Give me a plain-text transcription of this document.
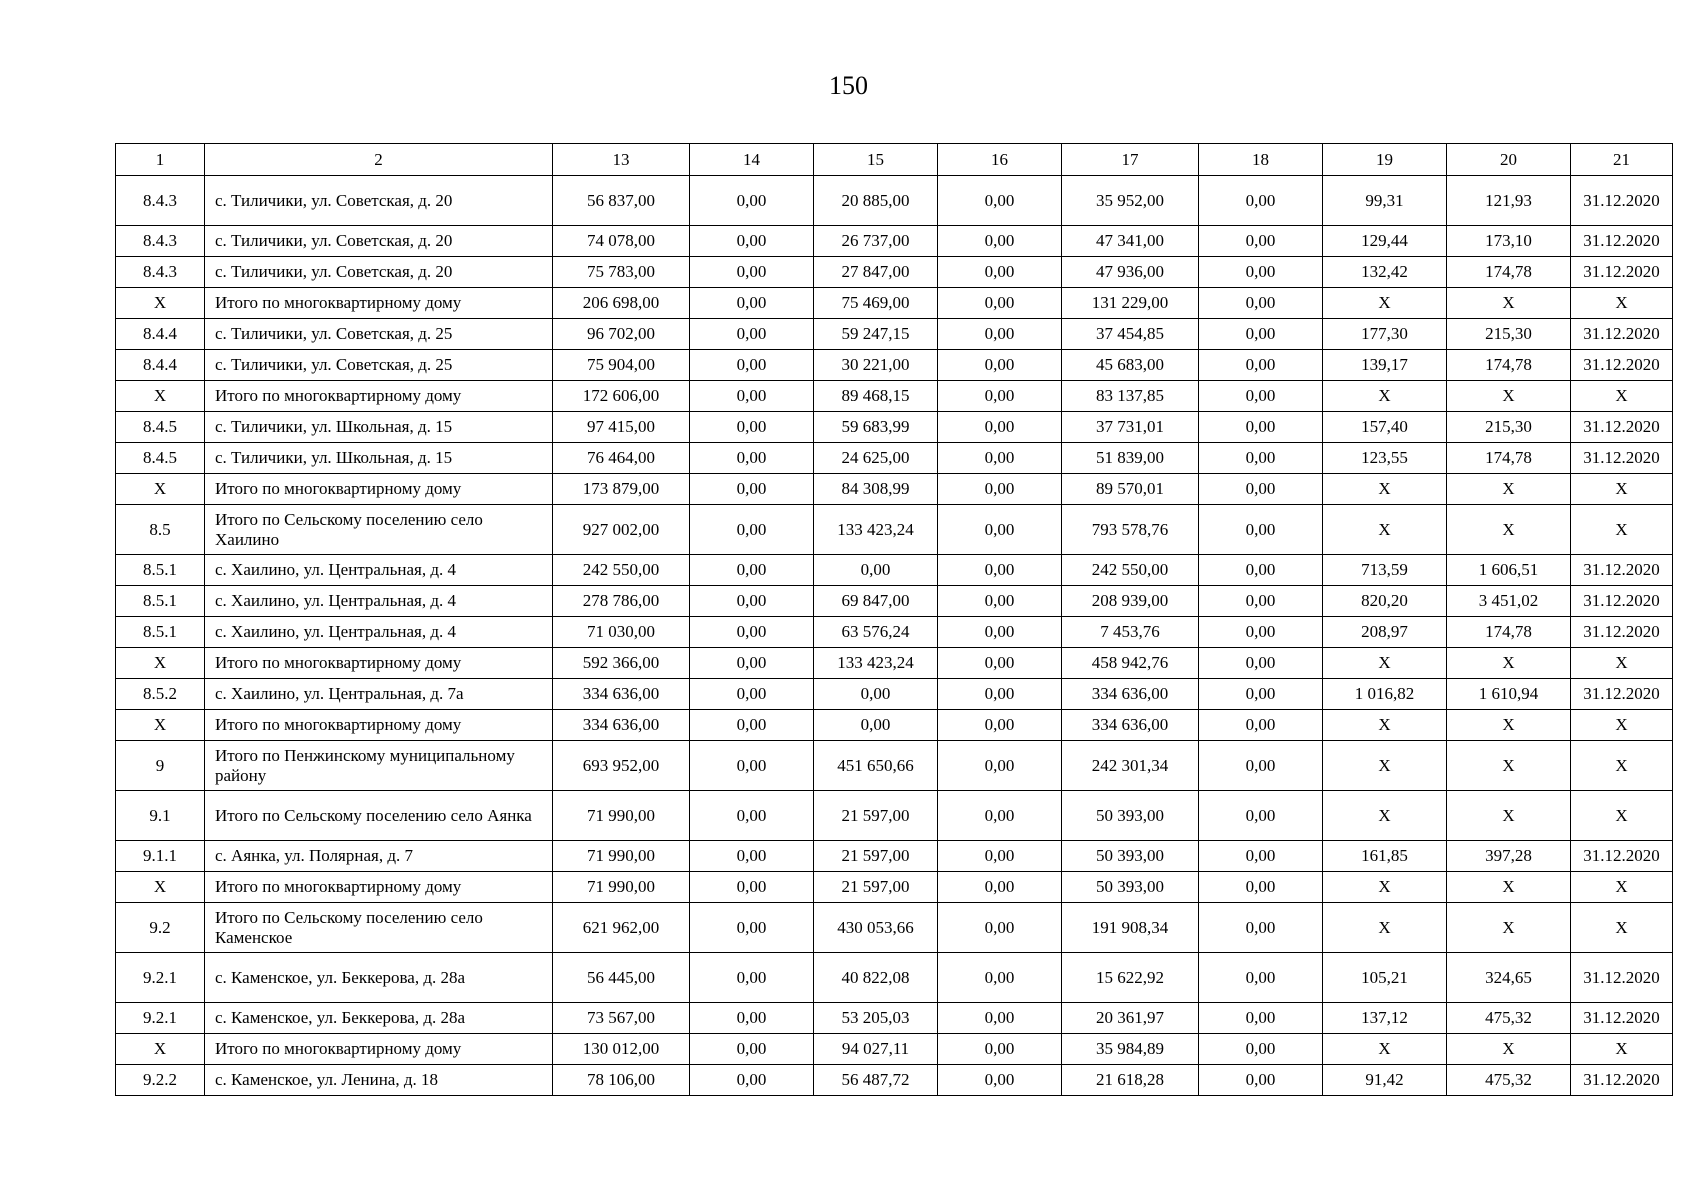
150
1	2	13	14	15	16	17	18	19	20	21
8.4.3	с. Тиличики, ул. Советская, д. 20	56 837,00	0,00	20 885,00	0,00	35 952,00	0,00	99,31	121,93	31.12.2020
8.4.3	с. Тиличики, ул. Советская, д. 20	74 078,00	0,00	26 737,00	0,00	47 341,00	0,00	129,44	173,10	31.12.2020
8.4.3	с. Тиличики, ул. Советская, д. 20	75 783,00	0,00	27 847,00	0,00	47 936,00	0,00	132,42	174,78	31.12.2020
X	Итого по многоквартирному дому	206 698,00	0,00	75 469,00	0,00	131 229,00	0,00	X	X	X
8.4.4	с. Тиличики, ул. Советская, д. 25	96 702,00	0,00	59 247,15	0,00	37 454,85	0,00	177,30	215,30	31.12.2020
8.4.4	с. Тиличики, ул. Советская, д. 25	75 904,00	0,00	30 221,00	0,00	45 683,00	0,00	139,17	174,78	31.12.2020
X	Итого по многоквартирному дому	172 606,00	0,00	89 468,15	0,00	83 137,85	0,00	X	X	X
8.4.5	с. Тиличики, ул. Школьная, д. 15	97 415,00	0,00	59 683,99	0,00	37 731,01	0,00	157,40	215,30	31.12.2020
8.4.5	с. Тиличики, ул. Школьная, д. 15	76 464,00	0,00	24 625,00	0,00	51 839,00	0,00	123,55	174,78	31.12.2020
X	Итого по многоквартирному дому	173 879,00	0,00	84 308,99	0,00	89 570,01	0,00	X	X	X
8.5	Итого по Сельскому поселению село Хаилино	927 002,00	0,00	133 423,24	0,00	793 578,76	0,00	X	X	X
8.5.1	с. Хаилино, ул. Центральная, д. 4	242 550,00	0,00	0,00	0,00	242 550,00	0,00	713,59	1 606,51	31.12.2020
8.5.1	с. Хаилино, ул. Центральная, д. 4	278 786,00	0,00	69 847,00	0,00	208 939,00	0,00	820,20	3 451,02	31.12.2020
8.5.1	с. Хаилино, ул. Центральная, д. 4	71 030,00	0,00	63 576,24	0,00	7 453,76	0,00	208,97	174,78	31.12.2020
X	Итого по многоквартирному дому	592 366,00	0,00	133 423,24	0,00	458 942,76	0,00	X	X	X
8.5.2	с. Хаилино, ул. Центральная, д. 7а	334 636,00	0,00	0,00	0,00	334 636,00	0,00	1 016,82	1 610,94	31.12.2020
X	Итого по многоквартирному дому	334 636,00	0,00	0,00	0,00	334 636,00	0,00	X	X	X
9	Итого по Пенжинскому муниципальному району	693 952,00	0,00	451 650,66	0,00	242 301,34	0,00	X	X	X
9.1	Итого по Сельскому поселению село Аянка	71 990,00	0,00	21 597,00	0,00	50 393,00	0,00	X	X	X
9.1.1	с. Аянка, ул. Полярная, д. 7	71 990,00	0,00	21 597,00	0,00	50 393,00	0,00	161,85	397,28	31.12.2020
X	Итого по многоквартирному дому	71 990,00	0,00	21 597,00	0,00	50 393,00	0,00	X	X	X
9.2	Итого по Сельскому поселению село Каменское	621 962,00	0,00	430 053,66	0,00	191 908,34	0,00	X	X	X
9.2.1	с. Каменское, ул. Беккерова, д. 28а	56 445,00	0,00	40 822,08	0,00	15 622,92	0,00	105,21	324,65	31.12.2020
9.2.1	с. Каменское, ул. Беккерова, д. 28а	73 567,00	0,00	53 205,03	0,00	20 361,97	0,00	137,12	475,32	31.12.2020
X	Итого по многоквартирному дому	130 012,00	0,00	94 027,11	0,00	35 984,89	0,00	X	X	X
9.2.2	с. Каменское, ул. Ленина, д. 18	78 106,00	0,00	56 487,72	0,00	21 618,28	0,00	91,42	475,32	31.12.2020
